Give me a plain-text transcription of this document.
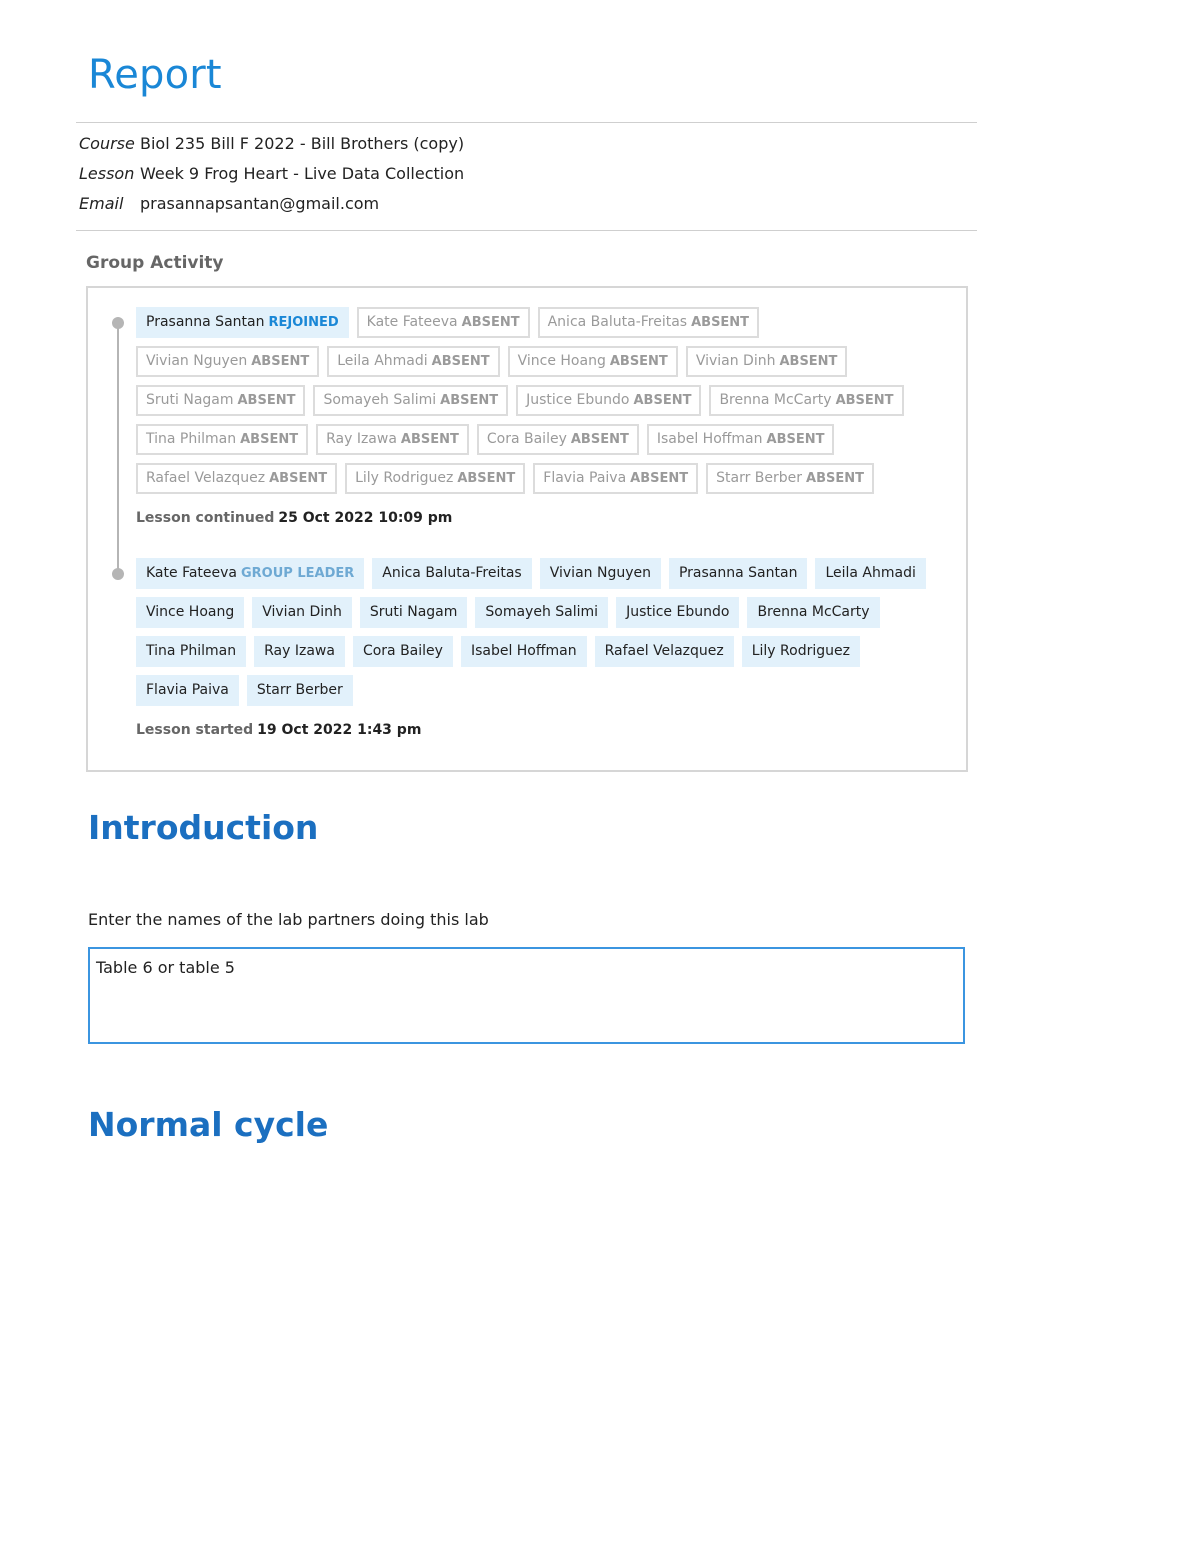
Report
Course Biol 235 Bill F 2022 - Bill Brothers (copy)
Lesson Week 9 Frog Heart - Live Data Collection
Email	prasannapsantan@gmail.com
Group Activity
Prasanna Santan REJOINED	Kate Fateeva ABSENT	Anica Baluta-Freitas ABSENT
Vivian Nguyen ABSENT	Leila Ahmadi ABSENT	Vince Hoang ABSENT	Vivian Dinh ABSENT
Sruti Nagam ABSENT	Somayeh Salimi ABSENT	Justice Ebundo ABSENT	Brenna McCarty ABSENT
Tina Philman ABSENT	Ray Izawa ABSENT	Cora Bailey ABSENT	Isabel Hoffman ABSENT
Rafael Velazquez ABSENT	Lily Rodriguez ABSENT	Flavia Paiva ABSENT	Starr Berber ABSENT
Lesson continued 25 Oct 2022 10:09 pm
Kate Fateeva GROUP LEADER	Anica Baluta-Freitas	Vivian Nguyen	Prasanna Santan	Leila Ahmadi
Vince Hoang	Vivian Dinh	Sruti Nagam	Somayeh Salimi	Justice Ebundo	Brenna McCarty
Tina Philman	Ray Izawa	Cora Bailey	Isabel Hoffman	Rafael Velazquez	Lily Rodriguez
Flavia Paiva	Starr Berber
Lesson started 19 Oct 2022 1:43 pm
Introduction
Enter the names of the lab partners doing this lab
Table 6 or table 5
Normal cycle
